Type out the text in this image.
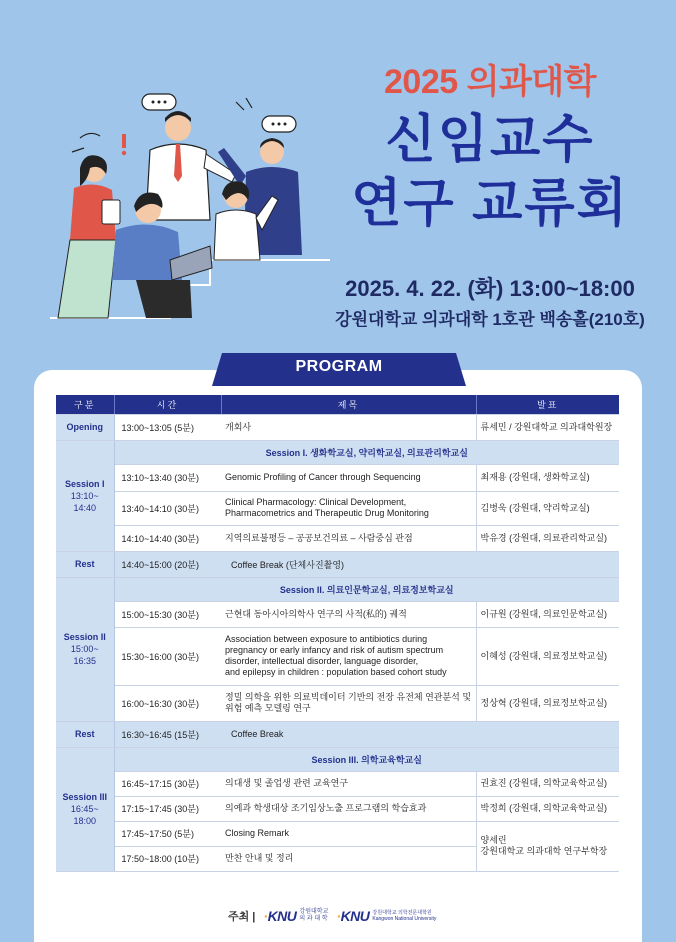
2025 의과대학
신임교수
연구 교류회
2025. 4. 22. (화) 13:00~18:00
강원대학교 의과대학 1호관 백송홀(210호)
PROGRAM
구분	시간	제목	발표
Opening	13:00~13:05 (5분)	개회사	류세민 / 강원대학교 의과대학원장

Session I
13:10~
14:40	Session I. 생화학교실, 약리학교실, 의료관리학교실		
	13:10~13:40 (30분)	Genomic Profiling of Cancer through Sequencing	최재용 (강원대, 생화학교실)
	13:40~14:10 (30분)	Clinical Pharmacology: Clinical Development,
Pharmacometrics and Therapeutic Drug Monitoring	김병욱 (강원대, 약리학교실)
	14:10~14:40 (30분)	지역의료불평등 – 공공보건의료 – 사람중심 관점	박유경 (강원대, 의료관리학교실)
Rest	14:40~15:00 (20분)	Coffee Break (단체사진촬영)	

Session II
15:00~
16:35	Session II. 의료인문학교실, 의료정보학교실		
	15:00~15:30 (30분)	근현대 동아시아의학사 연구의 사적(私的) 궤적	이규원 (강원대, 의료인문학교실)
	15:30~16:00 (30분)	Association between exposure to antibiotics during
pregnancy or early infancy and risk of autism spectrum
disorder, intellectual disorder, language disorder,
and epilepsy in children : population based cohort study	이혜성 (강원대, 의료정보학교실)
	16:00~16:30 (30분)	정밀 의학을 위한 의료빅데이터 기반의 전장 유전체 연관분석 및
위험 예측 모델링 연구	정상혁 (강원대, 의료정보학교실)
Rest	16:30~16:45 (15분)	Coffee Break	

Session III
16:45~
18:00	Session III. 의학교육학교실		
	16:45~17:15 (30분)	의대생 및 졸업생 관련 교육연구	권효진 (강원대, 의학교육학교실)
	17:15~17:45 (30분)	의예과 학생대상 조기임상노출 프로그램의 학습효과	박정희 (강원대, 의학교육학교실)
	17:45~17:50 (5분)	Closing Remark	양세린
강원대학교 의과대학 연구부학장

	17:50~18:00 (10분)	만찬 안내 및 정리	
주최 | ·KNU 강원대학교
의 과 대 학 ·KNU 강원대학교 의학전문대학원
Kangwon National University
